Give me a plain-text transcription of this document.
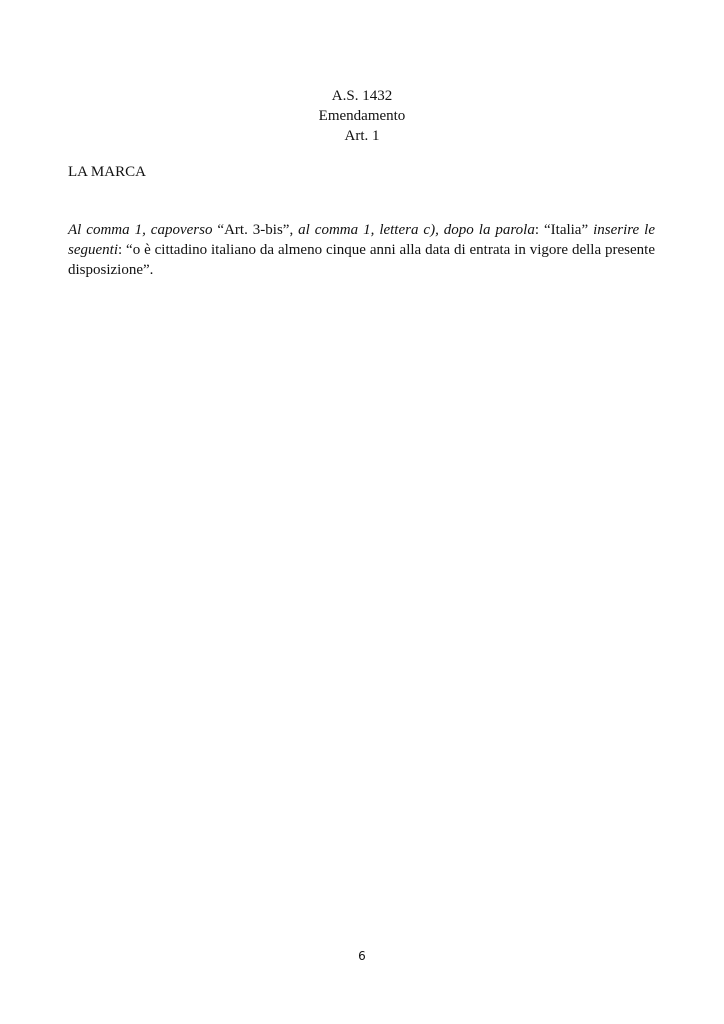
A.S. 1432
Emendamento
Art. 1
LA MARCA

Al comma 1, capoverso “Art. 3-bis”, al comma 1, lettera c), dopo la parola: “Italia” inserire le seguenti: “o è cittadino italiano da almeno cinque anni alla data di entrata in vigore della presente disposizione”.

6
